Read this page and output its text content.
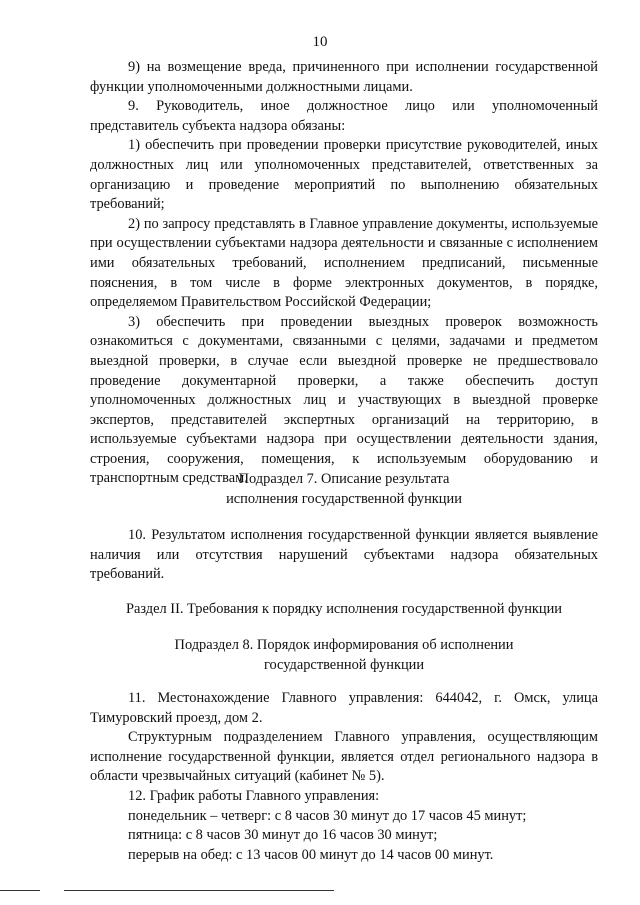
10

9) на возмещение вреда, причиненного при исполнении государственной функции уполномоченными должностными лицами.

9. Руководитель, иное должностное лицо или уполномоченный представитель субъекта надзора обязаны:

1) обеспечить при проведении проверки присутствие руководителей, иных должностных лиц или уполномоченных представителей, ответственных за организацию и проведение мероприятий по выполнению обязательных требований;

2) по запросу представлять в Главное управление документы, используемые при осуществлении субъектами надзора деятельности и связанные с исполнением ими обязательных требований, исполнением предписаний, письменные пояснения, в том числе в форме электронных документов, в порядке, определяемом Правительством Российской Федерации;

3) обеспечить при проведении выездных проверок возможность ознакомиться с документами, связанными с целями, задачами и предметом выездной проверки, в случае если выездной проверке не предшествовало проведение документарной проверки, а также обеспечить доступ уполномоченных должностных лиц и участвующих в выездной проверке экспертов, представителей экспертных организаций на территорию, в используемые субъектами надзора при осуществлении деятельности здания, строения, сооружения, помещения, к используемым оборудованию и транспортным средствам.

Подраздел 7. Описание результата

исполнения государственной функции

10. Результатом исполнения государственной функции является выявление наличия или отсутствия нарушений субъектами надзора обязательных требований.

Раздел II. Требования к порядку исполнения государственной функции

Подраздел 8. Порядок информирования об исполнении

государственной функции

11. Местонахождение Главного управления: 644042, г. Омск, улица Тимуровский проезд, дом 2.

Структурным подразделением Главного управления, осуществляющим исполнение государственной функции, является отдел регионального надзора в области чрезвычайных ситуаций (кабинет № 5).

12. График работы Главного управления:

понедельник – четверг: с 8 часов 30 минут до 17 часов 45 минут;

пятница: с 8 часов 30 минут до 16 часов 30 минут;

перерыв на обед: с 13 часов 00 минут до 14 часов 00 минут.
